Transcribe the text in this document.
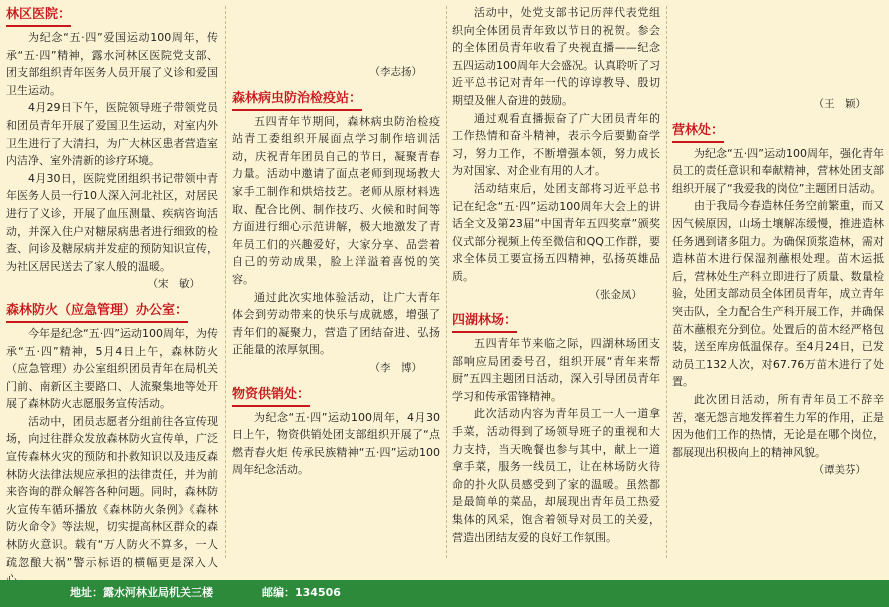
林区医院：

为纪念“五·四”爱国运动100周年，传承“五·四”精神，露水河林区医院党支部、团支部组织青年医务人员开展了义诊和爱国卫生运动。

4月29日下午，医院领导班子带领党员和团员青年开展了爱国卫生运动，对室内外卫生进行了大清扫，为广大林区患者营造室内洁净、室外清新的诊疗环境。

4月30日，医院党团组织书记带领中青年医务人员一行10人深入河北社区，对居民进行了义诊，开展了血压测量、疾病咨询活动，并深入住户对糖尿病患者进行细致的检查、问诊及糖尿病并发症的预防知识宣传，为社区居民送去了家人般的温暖。

（宋　敏）

森林防火（应急管理）办公室：

今年是纪念“五·四”运动100周年，为传承“五·四”精神，5月4日上午，森林防火（应急管理）办公室组织团员青年在局机关门前、南新区主要路口、人流聚集地等处开展了森林防火志愿服务宣传活动。

活动中，团员志愿者分组前往各宣传现场，向过往群众发放森林防火宣传单，广泛宣传森林火灾的预防和扑救知识以及违反森林防火法律法规应承担的法律责任，并为前来咨询的群众解答各种问题。同时，森林防火宣传车循环播放《森林防火条例》《森林防火命令》等法规，切实提高林区群众的森林防火意识。载有“万人防火不算多，一人疏忽酿大祸”警示标语的横幅更是深入人

（李志扬）

森林病虫防治检疫站：

五四青年节期间，森林病虫防治检疫站青工委组织开展面点学习制作培训活动，庆祝青年团员自己的节日，凝聚青春力量。活动中邀请了面点老师到现场教大家手工制作和烘焙技艺。老师从原材料选取、配合比例、制作技巧、火候和时间等方面进行细心示范讲解，极大地激发了青年员工们的兴趣爱好，大家分享、品尝着自己的劳动成果，脸上洋溢着喜悦的笑容。

通过此次实地体验活动，让广大青年体会到劳动带来的快乐与成就感，增强了青年们的凝聚力，营造了团结奋进、弘扬正能量的浓厚氛围。

（李　博）

物资供销处：

为纪念“五·四”运动100周年，4月30日上午，物资供销处团支部组织开展了“点燃青春火炬 传承民族精神“五·四”运动100周年纪念活动。

活动中，处党支部书记历萍代表党组织向全体团员青年致以节日的祝贺。参会的全体团员青年收看了央视直播——纪念五四运动100周年大会盛况。认真聆听了习近平总书记对青年一代的谆谆教导、殷切期望及催人奋进的鼓励。

通过观看直播振奋了广大团员青年的工作热情和奋斗精神，表示今后要勤奋学习，努力工作，不断增强本领，努力成长为对国家、对企业有用的人才。

活动结束后，处团支部将习近平总书记在纪念“五·四”运动100周年大会上的讲话全文及第23届“中国青年五四奖章”颁奖仪式部分视频上传至微信和QQ工作群，要求全体员工要宣扬五四精神，弘扬英雄品质。

（张金凤）

四湖林场：

五四青年节来临之际，四湖林场团支部响应局团委号召，组织开展“青年来帮厨”五四主题团日活动，深入引导团员青年学习和传承雷锋精神。

此次活动内容为青年员工一人一道拿手菜，活动得到了场领导班子的重视和大力支持，当天晚餐也参与其中，献上一道拿手菜，服务一线员工，让在林场防火待命的扑火队员感受到了家的温暖。虽然都是最简单的菜品，却展现出青年员工热爱集体的风采，饱含着领导对员工的关爱，营造出团结友爱的良好工作氛围。

（王　颖）

营林处：

为纪念“五·四”运动100周年，强化青年员工的责任意识和奉献精神，营林处团支部组织开展了“我爱我的岗位”主题团日活动。

由于我局今春造林任务空前繁重，而又因气候原因，山场土壤解冻缓慢，推进造林任务遇到诸多阻力。为确保顶浆造林，需对造林苗木进行保湿剂蘸根处理。苗木运抵后，营林处生产科立即进行了质量、数量检验，处团支部动员全体团员青年，成立青年突击队，全力配合生产科开展工作，并确保苗木蘸根充分到位。处置后的苗木经严格包装，送至库房低温保存。至4月24日，已发动员工132人次，对67.76万苗木进行了处置。

此次团日活动，所有青年员工不辞辛苦，毫无怨言地发挥着生力军的作用，正是因为他们工作的热情，无论是在哪个岗位，都展现出积极向上的精神风貌。

（谭美芬）

地址：露水河林业局机关三楼	邮编：134506
